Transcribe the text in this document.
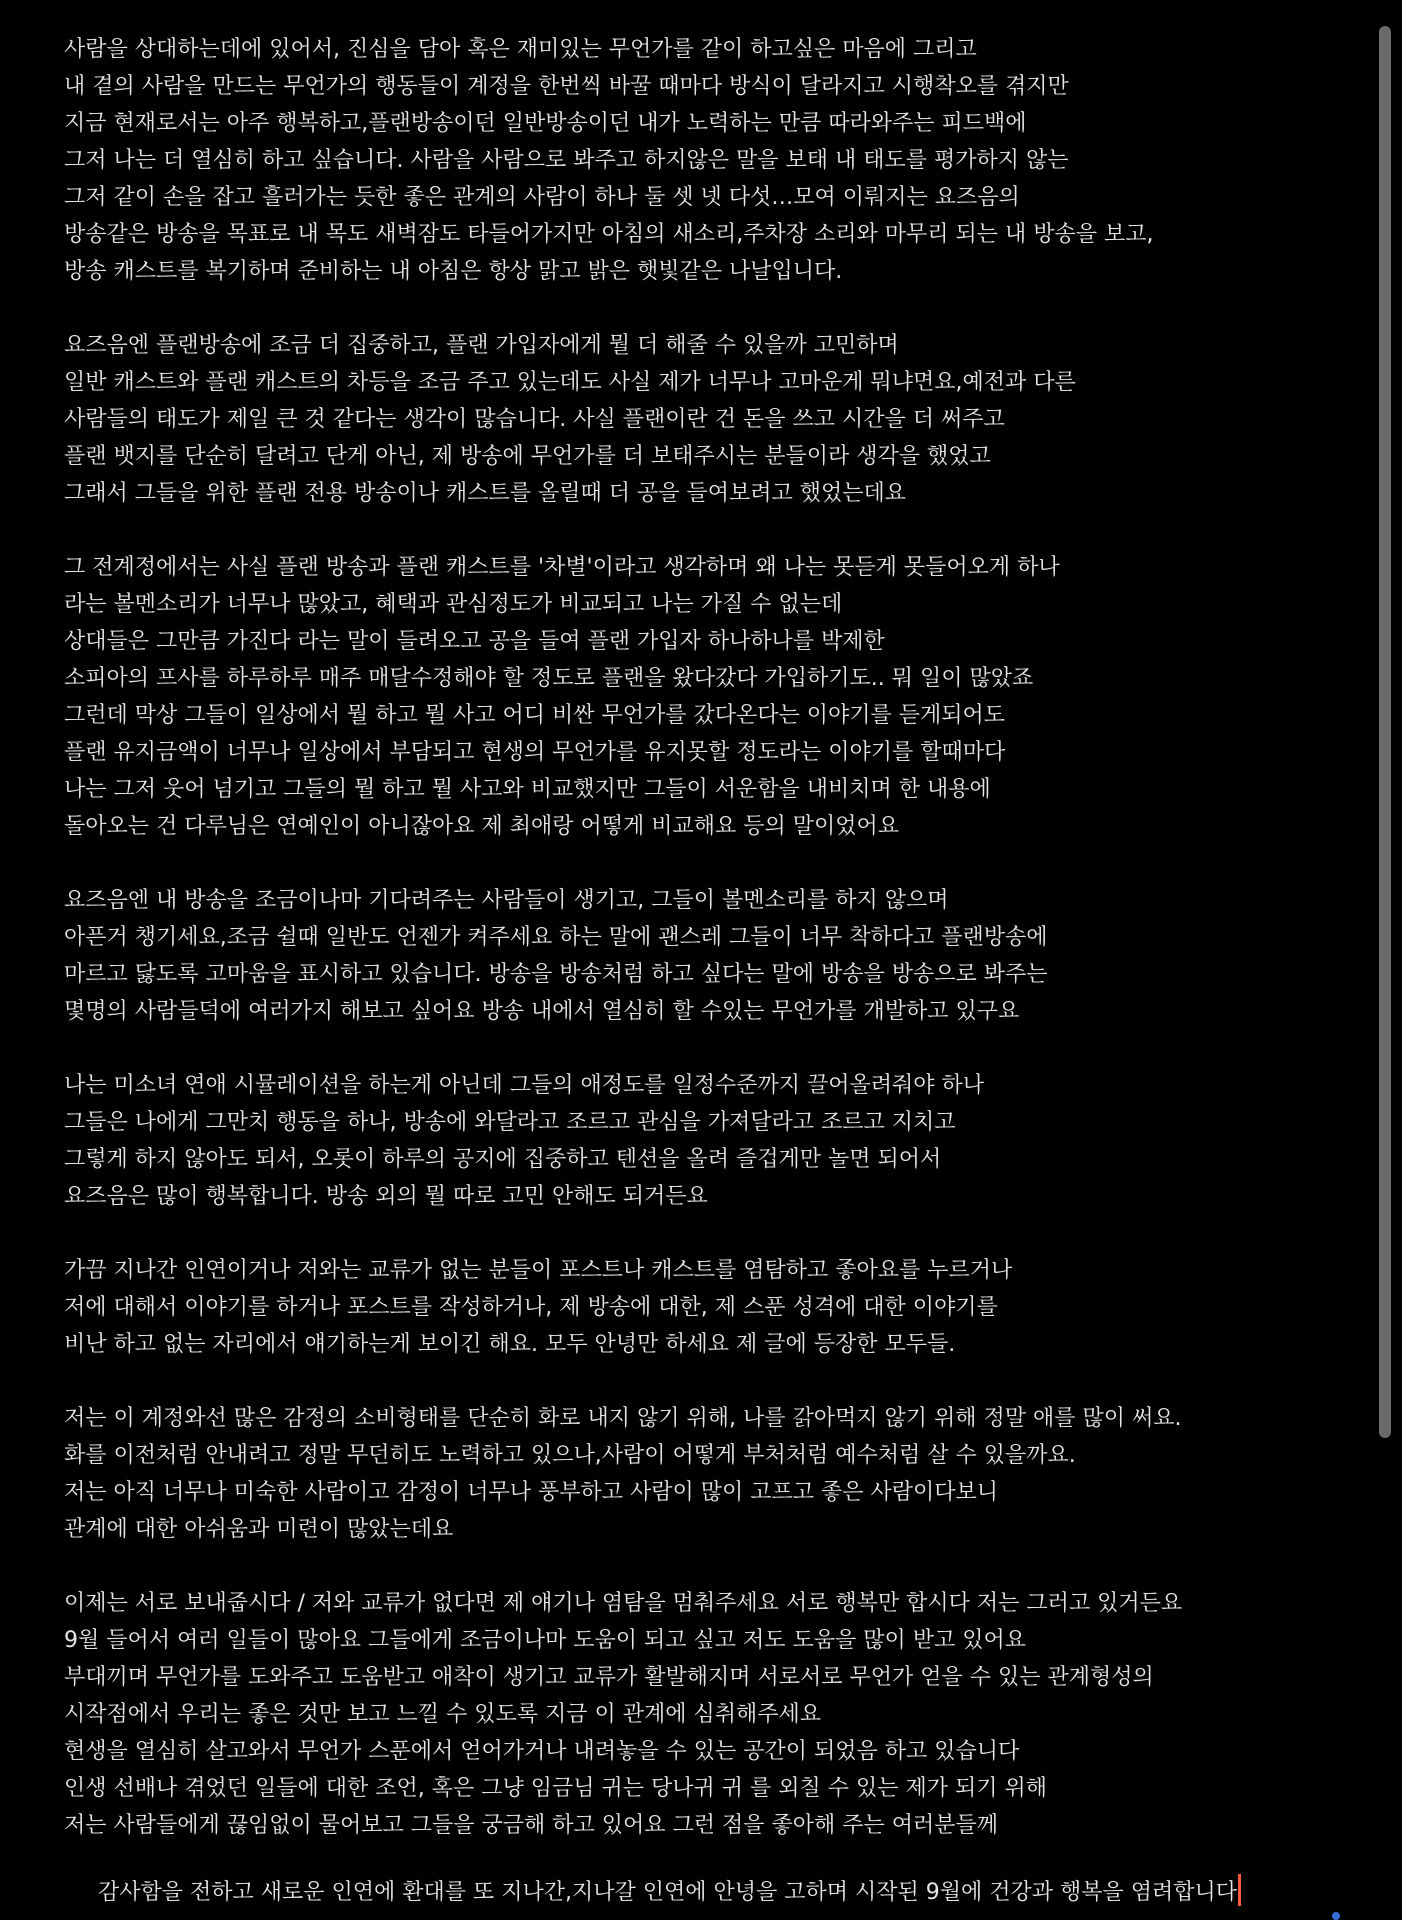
사람을 상대하는데에 있어서, 진심을 담아 혹은 재미있는 무언가를 같이 하고싶은 마음에 그리고
내 곁의 사람을 만드는 무언가의 행동들이 계정을 한번씩 바꿀 때마다 방식이 달라지고 시행착오를 겪지만
지금 현재로서는 아주 행복하고,플랜방송이던 일반방송이던 내가 노력하는 만큼 따라와주는 피드백에
그저 나는 더 열심히 하고 싶습니다. 사람을 사람으로 봐주고 하지않은 말을 보태 내 태도를 평가하지 않는
그저 같이 손을 잡고 흘러가는 듯한 좋은 관계의 사람이 하나 둘 셋 넷 다섯…모여 이뤄지는 요즈음의
방송같은 방송을 목표로 내 목도 새벽잠도 타들어가지만 아침의 새소리,주차장 소리와 마무리 되는 내 방송을 보고,
방송 캐스트를 복기하며 준비하는 내 아침은 항상 맑고 밝은 햇빛같은 나날입니다.
요즈음엔 플랜방송에 조금 더 집중하고, 플랜 가입자에게 뭘 더 해줄 수 있을까 고민하며
일반 캐스트와 플랜 캐스트의 차등을 조금 주고 있는데도 사실 제가 너무나 고마운게 뭐냐면요,예전과 다른
사람들의 태도가 제일 큰 것 같다는 생각이 많습니다. 사실 플랜이란 건 돈을 쓰고 시간을 더 써주고
플랜 뱃지를 단순히 달려고 단게 아닌, 제 방송에 무언가를 더 보태주시는 분들이라 생각을 했었고
그래서 그들을 위한 플랜 전용 방송이나 캐스트를 올릴때 더 공을 들여보려고 했었는데요
그 전계정에서는 사실 플랜 방송과 플랜 캐스트를 '차별'이라고 생각하며 왜 나는 못듣게 못들어오게 하나
라는 볼멘소리가 너무나 많았고, 혜택과 관심정도가 비교되고 나는 가질 수 없는데
상대들은 그만큼 가진다 라는 말이 들려오고 공을 들여 플랜 가입자 하나하나를 박제한
소피아의 프사를 하루하루 매주 매달수정해야 할 정도로 플랜을 왔다갔다 가입하기도.. 뭐 일이 많았죠
그런데 막상 그들이 일상에서 뭘 하고 뭘 사고 어디 비싼 무언가를 갔다온다는 이야기를 듣게되어도
플랜 유지금액이 너무나 일상에서 부담되고 현생의 무언가를 유지못할 정도라는 이야기를 할때마다
나는 그저 웃어 넘기고 그들의 뭘 하고 뭘 사고와 비교했지만 그들이 서운함을 내비치며 한 내용에
돌아오는 건 다루님은 연예인이 아니잖아요 제 최애랑 어떻게 비교해요 등의 말이었어요
요즈음엔 내 방송을 조금이나마 기다려주는 사람들이 생기고, 그들이 볼멘소리를 하지 않으며
아픈거 챙기세요,조금 쉴때 일반도 언젠가 켜주세요 하는 말에 괜스레 그들이 너무 착하다고 플랜방송에
마르고 닳도록 고마움을 표시하고 있습니다. 방송을 방송처럼 하고 싶다는 말에 방송을 방송으로 봐주는
몇명의 사람들덕에 여러가지 해보고 싶어요 방송 내에서 열심히 할 수있는 무언가를 개발하고 있구요
나는 미소녀 연애 시뮬레이션을 하는게 아닌데 그들의 애정도를 일정수준까지 끌어올려줘야 하나
그들은 나에게 그만치 행동을 하나, 방송에 와달라고 조르고 관심을 가져달라고 조르고 지치고
그렇게 하지 않아도 되서, 오롯이 하루의 공지에 집중하고 텐션을 올려 즐겁게만 놀면 되어서
요즈음은 많이 행복합니다. 방송 외의 뭘 따로 고민 안해도 되거든요
가끔 지나간 인연이거나 저와는 교류가 없는 분들이 포스트나 캐스트를 염탐하고 좋아요를 누르거나
저에 대해서 이야기를 하거나 포스트를 작성하거나, 제 방송에 대한, 제 스푼 성격에 대한 이야기를
비난 하고 없는 자리에서 얘기하는게 보이긴 해요. 모두 안녕만 하세요 제 글에 등장한 모두들.
저는 이 계정와선 많은 감정의 소비형태를 단순히 화로 내지 않기 위해, 나를 갉아먹지 않기 위해 정말 애를 많이 써요.
화를 이전처럼 안내려고 정말 무던히도 노력하고 있으나,사람이 어떻게 부처처럼 예수처럼 살 수 있을까요.
저는 아직 너무나 미숙한 사람이고 감정이 너무나 풍부하고 사람이 많이 고프고 좋은 사람이다보니
관계에 대한 아쉬움과 미련이 많았는데요
이제는 서로 보내줍시다 / 저와 교류가 없다면 제 얘기나 염탐을 멈춰주세요 서로 행복만 합시다 저는 그러고 있거든요
9월 들어서 여러 일들이 많아요 그들에게 조금이나마 도움이 되고 싶고 저도 도움을 많이 받고 있어요
부대끼며 무언가를 도와주고 도움받고 애착이 생기고 교류가 활발해지며 서로서로 무언가 얻을 수 있는 관계형성의
시작점에서 우리는 좋은 것만 보고 느낄 수 있도록 지금 이 관계에 심취해주세요
현생을 열심히 살고와서 무언가 스푼에서 얻어가거나 내려놓을 수 있는 공간이 되었음 하고 있습니다
인생 선배나 겪었던 일들에 대한 조언, 혹은 그냥 임금님 귀는 당나귀 귀 를 외칠 수 있는 제가 되기 위해
저는 사람들에게 끊임없이 물어보고 그들을 궁금해 하고 있어요 그런 점을 좋아해 주는 여러분들께
감사함을 전하고 새로운 인연에 환대를 또 지나간,지나갈 인연에 안녕을 고하며 시작된 9월에 건강과 행복을 염려합니다
